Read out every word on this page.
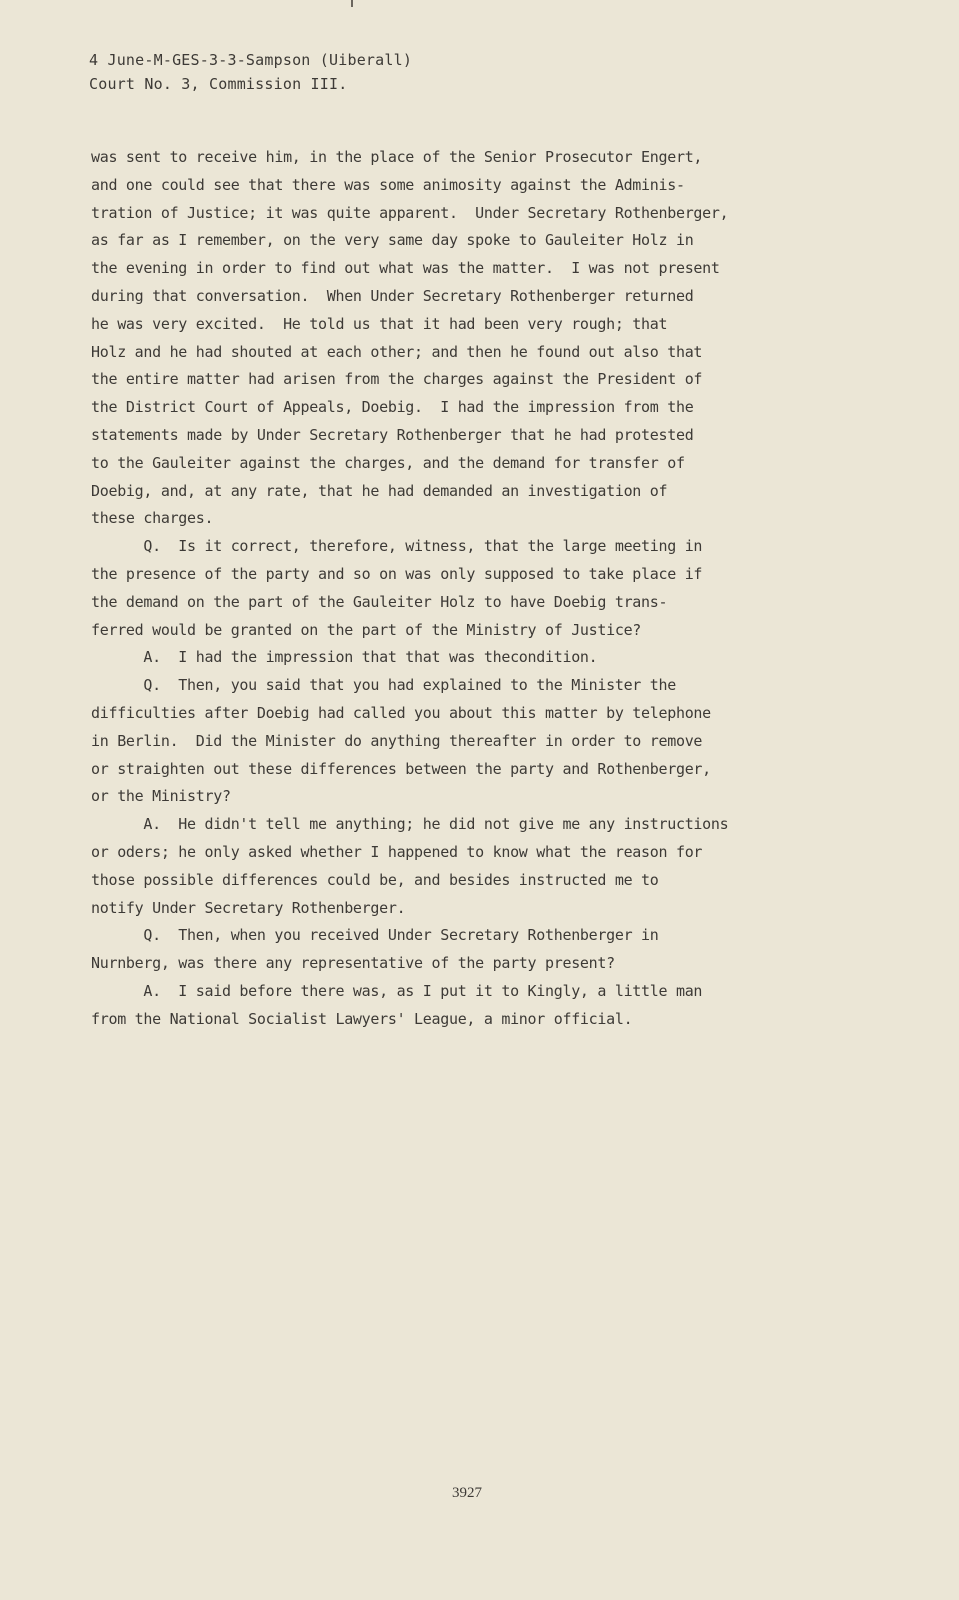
4 June-M-GES-3-3-Sampson (Uiberall)
Court No. 3, Commission III.

was sent to receive him, in the place of the Senior Prosecutor Engert,

and one could see that there was some animosity against the Adminis-

tration of Justice; it was quite apparent.  Under Secretary Rothenberger,

as far as I remember, on the very same day spoke to Gauleiter Holz in

the evening in order to find out what was the matter.  I was not present

during that conversation.  When Under Secretary Rothenberger returned

he was very excited.  He told us that it had been very rough; that

Holz and he had shouted at each other; and then he found out also that

the entire matter had arisen from the charges against the President of

the District Court of Appeals, Doebig.  I had the impression from the

statements made by Under Secretary Rothenberger that he had protested

to the Gauleiter against the charges, and the demand for transfer of

Doebig, and, at any rate, that he had demanded an investigation of

these charges.

Q.  Is it correct, therefore, witness, that the large meeting in

the presence of the party and so on was only supposed to take place if

the demand on the part of the Gauleiter Holz to have Doebig trans-

ferred would be granted on the part of the Ministry of Justice?

A.  I had the impression that that was thecondition.

Q.  Then, you said that you had explained to the Minister the

difficulties after Doebig had called you about this matter by telephone

in Berlin.  Did the Minister do anything thereafter in order to remove

or straighten out these differences between the party and Rothenberger,

or the Ministry?

A.  He didn't tell me anything; he did not give me any instructions

or oders; he only asked whether I happened to know what the reason for

those possible differences could be, and besides instructed me to

notify Under Secretary Rothenberger.

Q.  Then, when you received Under Secretary Rothenberger in

Nurnberg, was there any representative of the party present?

A.  I said before there was, as I put it to Kingly, a little man

from the National Socialist Lawyers' League, a minor official.

3927
